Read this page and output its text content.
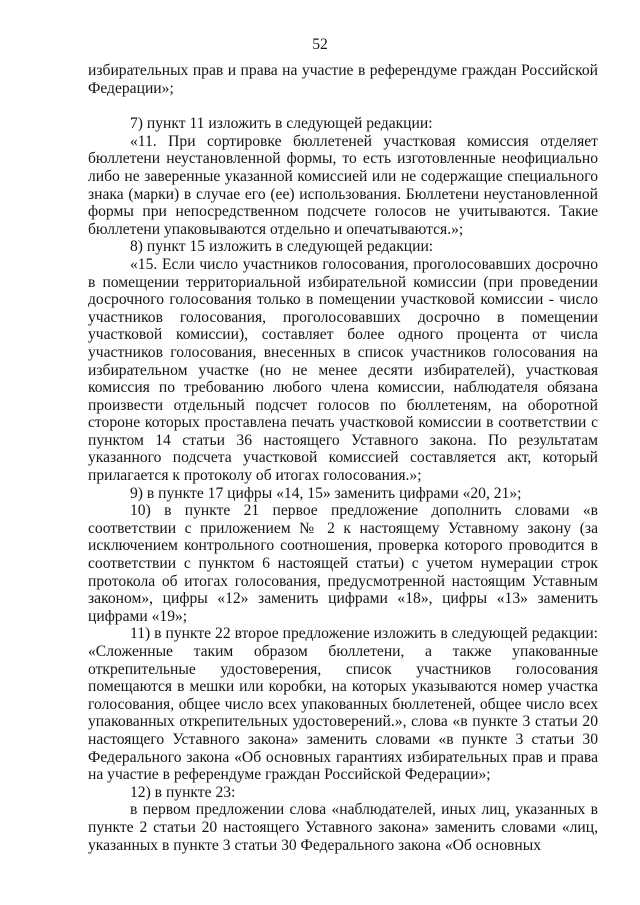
52

избирательных прав и права на участие в референдуме граждан Российской Федерации»;

7) пункт 11 изложить в следующей редакции:

«11. При сортировке бюллетеней участковая комиссия отделяет бюллетени неустановленной формы, то есть изготовленные неофициально либо не заверенные указанной комиссией или не содержащие специального знака (марки) в случае его (ее) использования. Бюллетени неустановленной формы при непосредственном подсчете голосов не учитываются. Такие бюллетени упаковываются отдельно и опечатываются.»;

8) пункт 15 изложить в следующей редакции:

«15. Если число участников голосования, проголосовавших досрочно в помещении территориальной избирательной комиссии (при проведении досрочного голосования только в помещении участковой комиссии - число участников голосования, проголосовавших досрочно в помещении участковой комиссии), составляет более одного процента от числа участников голосования, внесенных в список участников голосования на избирательном участке (но не менее десяти избирателей), участковая комиссия по требованию любого члена комиссии, наблюдателя обязана произвести отдельный подсчет голосов по бюллетеням, на оборотной стороне которых проставлена печать участковой комиссии в соответствии с пунктом 14 статьи 36 настоящего Уставного закона. По результатам указанного подсчета участковой комиссией составляется акт, который прилагается к протоколу об итогах голосования.»;

9) в пункте 17 цифры «14, 15» заменить цифрами «20, 21»;

10) в пункте 21 первое предложение дополнить словами «в соответствии с приложением № 2 к настоящему Уставному закону (за исключением контрольного соотношения, проверка которого проводится в соответствии с пунктом 6 настоящей статьи) с учетом нумерации строк протокола об итогах голосования, предусмотренной настоящим Уставным законом», цифры «12» заменить цифрами «18», цифры «13» заменить цифрами «19»;

11) в пункте 22 второе предложение изложить в следующей редакции: «Сложенные таким образом бюллетени, а также упакованные открепительные удостоверения, список участников голосования помещаются в мешки или коробки, на которых указываются номер участка голосования, общее число всех упакованных бюллетеней, общее число всех упакованных открепительных удостоверений.», слова «в пункте 3 статьи 20 настоящего Уставного закона» заменить словами «в пункте 3 статьи 30 Федерального закона «Об основных гарантиях избирательных прав и права на участие в референдуме граждан Российской Федерации»;

12) в пункте 23:

в первом предложении слова «наблюдателей, иных лиц, указанных в пункте 2 статьи 20 настоящего Уставного закона» заменить словами «лиц, указанных в пункте 3 статьи 30 Федерального закона «Об основных
